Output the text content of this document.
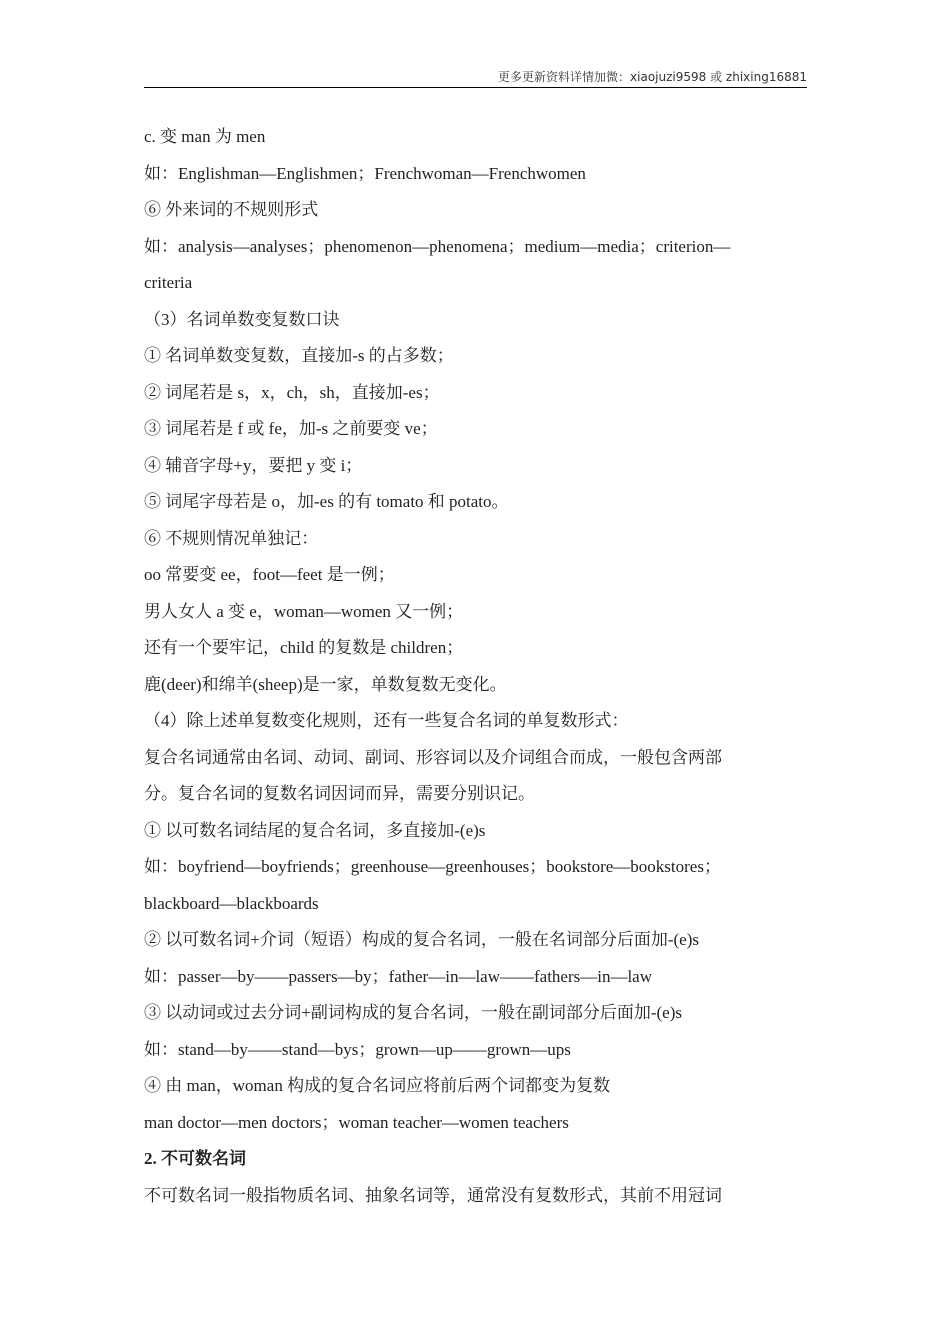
更多更新资料详情加微：xiaojuzi9598 或 zhixing16881
c. 变 man 为 men
如：Englishman—Englishmen；Frenchwoman—Frenchwomen
⑥ 外来词的不规则形式
如：analysis—analyses；phenomenon—phenomena；medium—media；criterion—
criteria
（3）名词单数变复数口诀
① 名词单数变复数，直接加-s 的占多数；
② 词尾若是 s，x，ch，sh，直接加-es；
③ 词尾若是 f 或 fe，加-s 之前要变 ve；
④ 辅音字母+y，要把 y 变 i；
⑤ 词尾字母若是 o，加-es 的有 tomato 和 potato。
⑥ 不规则情况单独记：
oo 常要变 ee，foot—feet 是一例；
男人女人 a 变 e，woman—women 又一例；
还有一个要牢记，child 的复数是 children；
鹿(deer)和绵羊(sheep)是一家，单数复数无变化。
（4）除上述单复数变化规则，还有一些复合名词的单复数形式：
复合名词通常由名词、动词、副词、形容词以及介词组合而成，一般包含两部
分。复合名词的复数名词因词而异，需要分别识记。
① 以可数名词结尾的复合名词，多直接加-(e)s
如：boyfriend—boyfriends；greenhouse—greenhouses；bookstore—bookstores；
blackboard—blackboards
② 以可数名词+介词（短语）构成的复合名词，一般在名词部分后面加-(e)s
如：passer—by——passers—by；father—in—law——fathers—in—law
③ 以动词或过去分词+副词构成的复合名词，一般在副词部分后面加-(e)s
如：stand—by——stand—bys；grown—up——grown—ups
④ 由 man，woman 构成的复合名词应将前后两个词都变为复数
man doctor—men doctors；woman teacher—women teachers
2. 不可数名词
不可数名词一般指物质名词、抽象名词等，通常没有复数形式，其前不用冠词
